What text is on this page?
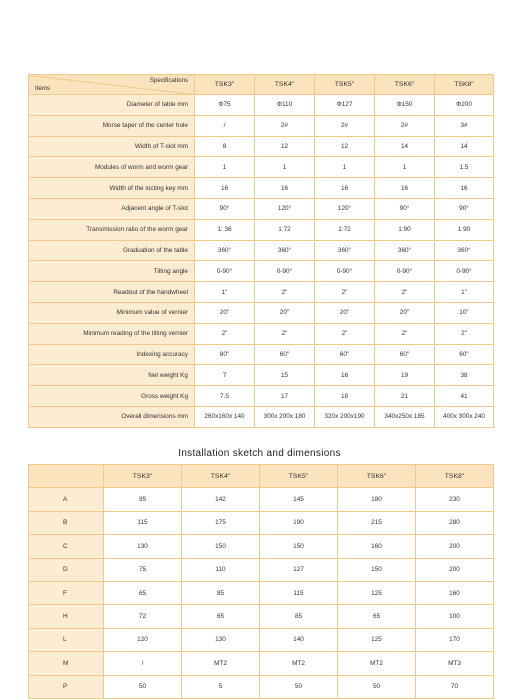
Specifications
Items	TSK3"	TSK4"	TSK5"	TSK6"	TSK8"
Diameter of table mm	Φ75	Φ110	Φ127	Φ150	Φ200
Morse taper of the center hole	/	2#	2#	2#	3#
Width of T-slot mm	8	12	12	14	14
Modules of worm and worm gear	1	1	1	1	1.5
Width of the locting key mm	16	16	16	16	16
Adjacent angle of T-slot	90°	120°	120°	90°	90°
Transmission ratio of the worm gear	1: 36	1:72	1:72	1:90	1:90
Graduation of the table	360°	360°	360°	360°	360°
Tilting angle	0-90°	0-90°	0-90°	0-90°	0-90°
Readout of the handwheel	1"	2"	2"	2"	1"
Minimum value of vernier	20"	20"	20"	20"	10"
Minimum reading of the tilting vernier	2"	2"	2"	2"	2"
Indexing accuracy	80"	60"	60"	60"	60"
Net weight Kg	7	15	16	19	38
Gross weight Kg	7.5	17	18	21	41
Overall dimensions mm	260x160x 140	300x 200x 180	320x 200x190	340x250x 185	400x 300x 240
Installation sketch and dimensions
	TSK3"	TSK4"	TSK5"	TSK6"	TSK8"
A	95	142	145	180	230
B	115	175	190	215	280
C	130	150	150	160	200
D	75	110	127	150	200
F	65	85	115	125	160
H	72	65	85	65	100
L	120	130	140	125	170
M	/	MT2	MT2	MT2	MT3
P	50	5	50	50	70
